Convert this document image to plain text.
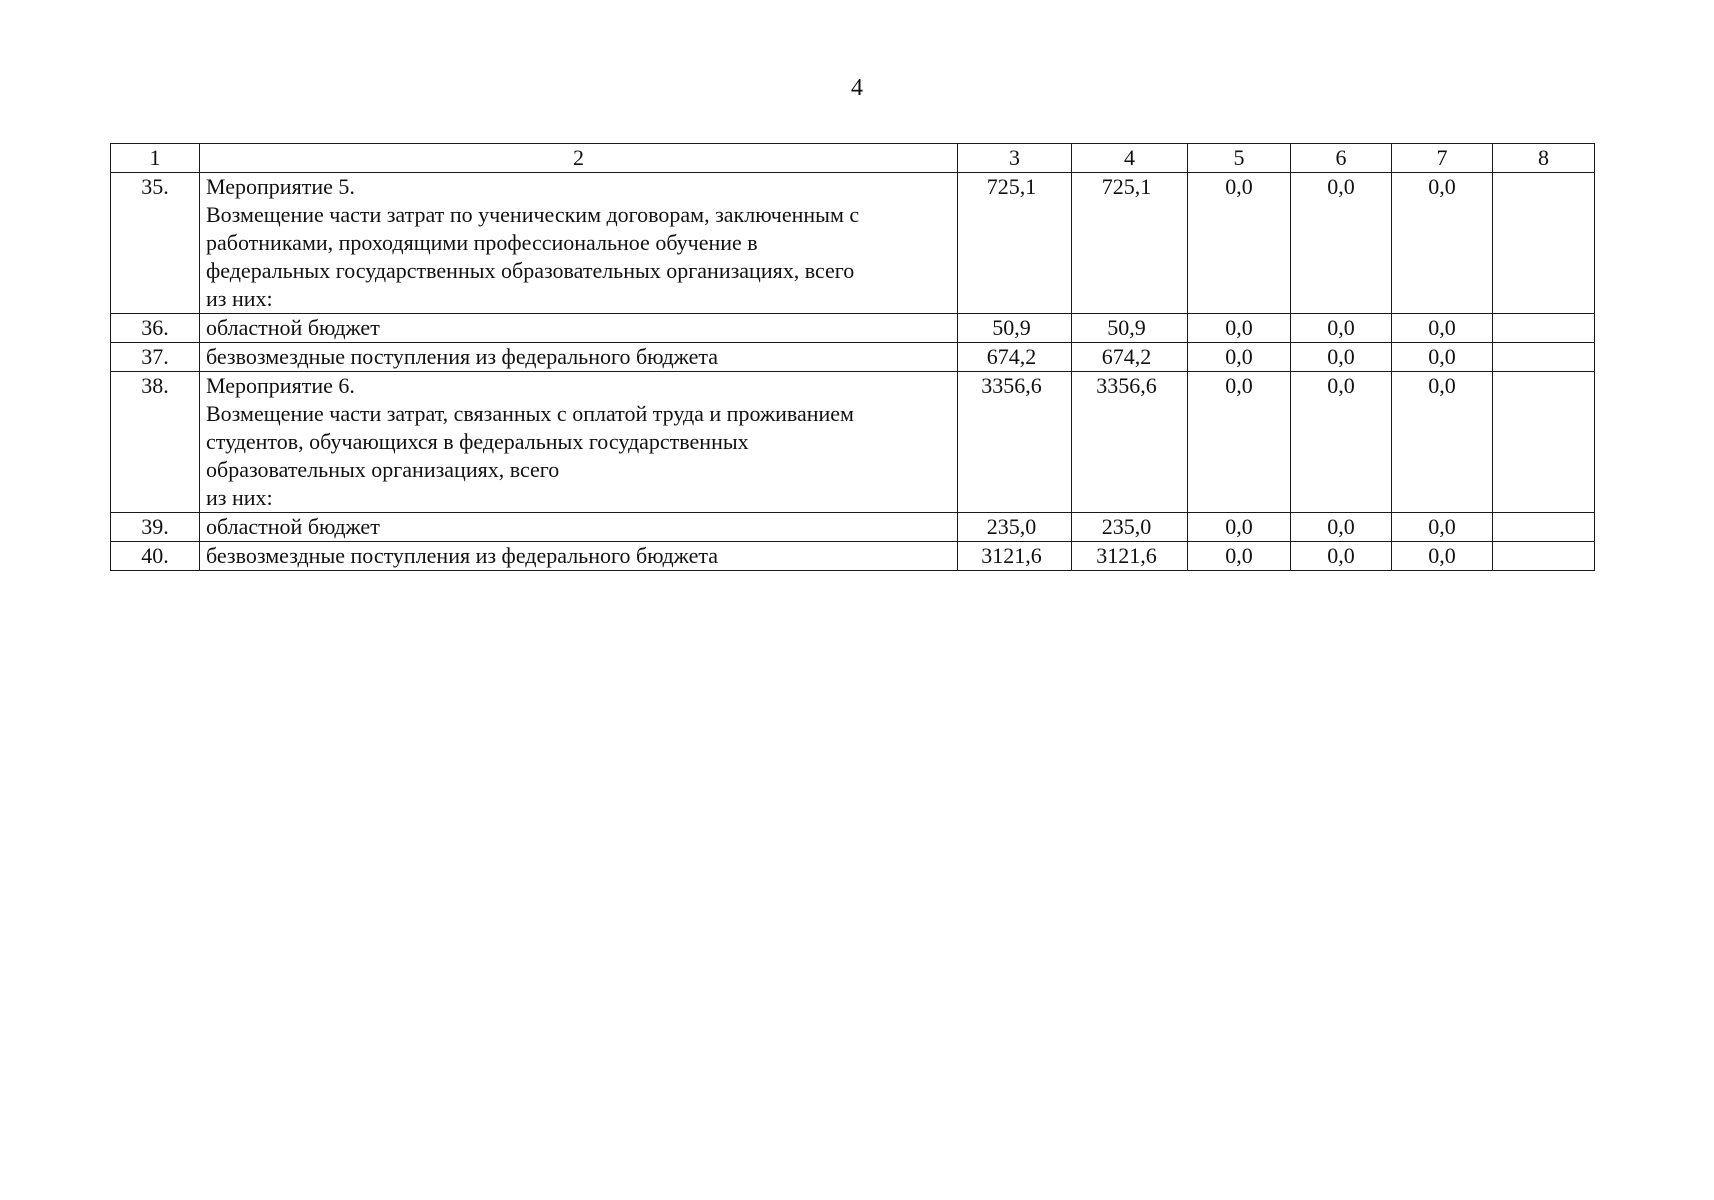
4
1	2	3	4	5	6	7	8
35.	Мероприятие 5.
Возмещение части затрат по ученическим договорам, заключенным с
работниками, проходящими профессиональное обучение в
федеральных государственных образовательных организациях, всего
из них:	725,1	725,1	0,0	0,0	0,0	
36.	областной бюджет	50,9	50,9	0,0	0,0	0,0	
37.	безвозмездные поступления из федерального бюджета	674,2	674,2	0,0	0,0	0,0	
38.	Мероприятие 6.
Возмещение части затрат, связанных с оплатой труда и проживанием
студентов, обучающихся в федеральных государственных
образовательных организациях, всего
из них:	3356,6	3356,6	0,0	0,0	0,0	
39.	областной бюджет	235,0	235,0	0,0	0,0	0,0	
40.	безвозмездные поступления из федерального бюджета	3121,6	3121,6	0,0	0,0	0,0	
